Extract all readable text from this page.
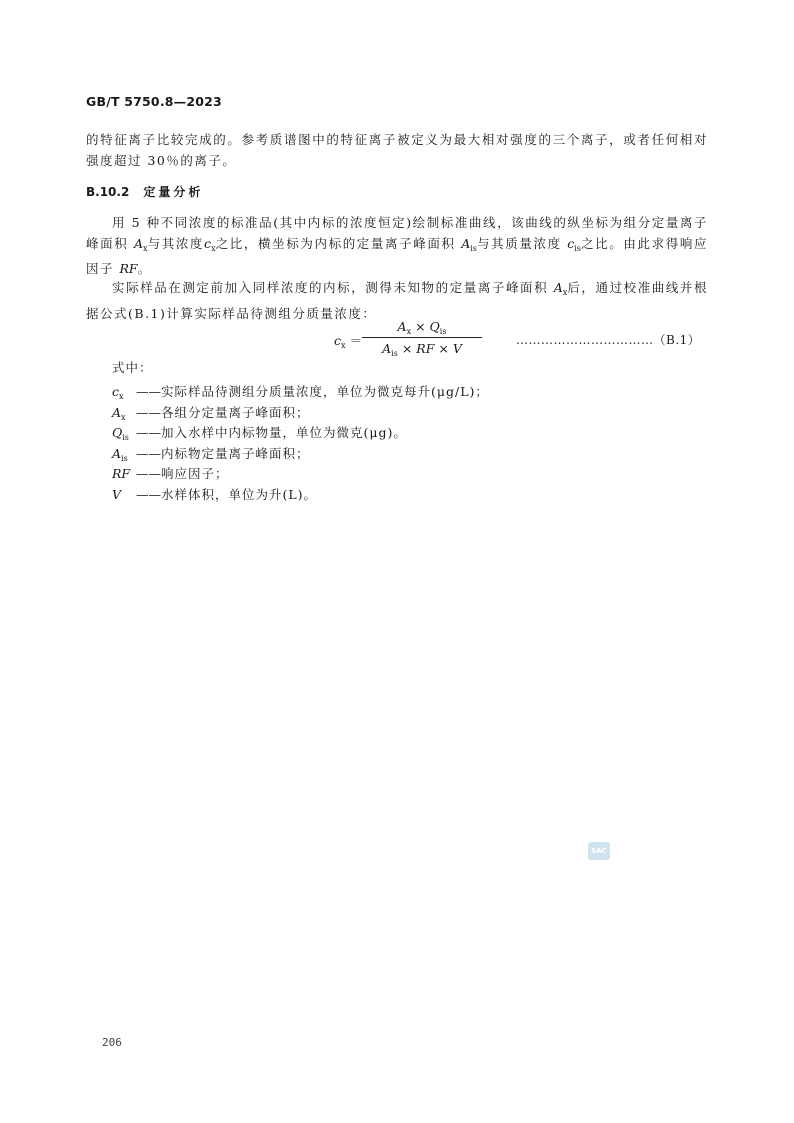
GB/T 5750.8—2023
的特征离子比较完成的。参考质谱图中的特征离子被定义为最大相对强度的三个离子，或者任何相对强度超过 30％的离子。
B.10.2 定量分析
用 5 种不同浓度的标准品(其中内标的浓度恒定)绘制标准曲线，该曲线的纵坐标为组分定量离子峰面积 $A_x$与其浓度$c_x$之比，横坐标为内标的定量离子峰面积 $A_{is}$与其质量浓度 $c_{is}$之比。由此求得响应因子 RF。
实际样品在测定前加入同样浓度的内标，测得未知物的定量离子峰面积 $A_x$后，通过校准曲线并根据公式(B.1)计算实际样品待测组分质量浓度：
$c_x$ ＝
$A_x \times Q_{is}$
$A_{is}$ × RF × V
……………………………（B.1）
式中：
$c_x$ ——实际样品待测组分质量浓度，单位为微克每升(μg/L)；
$A_x$ ——各组分定量离子峰面积；
$Q_{is}$ ——加入水样中内标物量，单位为微克(μg)。
$A_{is}$ ——内标物定量离子峰面积；
RF ——响应因子；
V ——水样体积，单位为升(L)。
SAC
206
